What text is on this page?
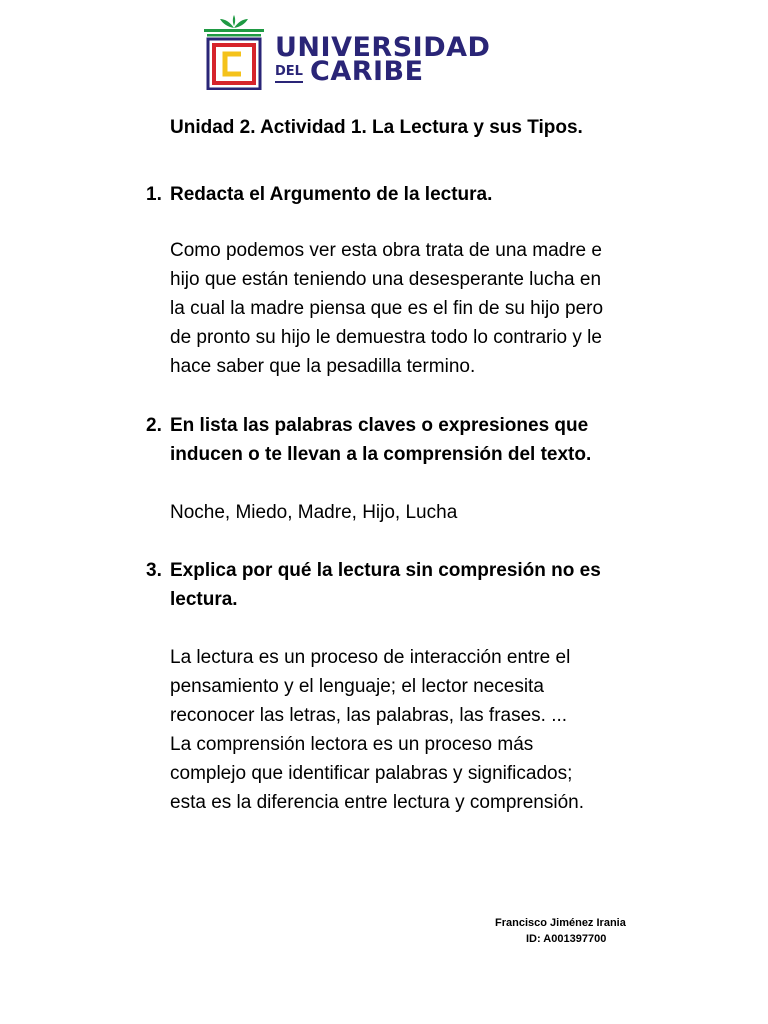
UNIVERSIDAD
DEL CARIBE
Unidad 2. Actividad 1. La Lectura y sus Tipos.
1. Redacta el Argumento de la lectura.

Como podemos ver esta obra trata de una madre e

hijo que están teniendo una desesperante lucha en

la cual la madre piensa que es el fin de su hijo pero

de pronto su hijo le demuestra todo lo contrario y le

hace saber que la pesadilla termino.

2. En lista las palabras claves o expresiones que inducen o te llevan a la comprensión del texto.

Noche, Miedo, Madre, Hijo, Lucha

3. Explica por qué la lectura sin compresión no es lectura.

La lectura es un proceso de interacción entre el

pensamiento y el lenguaje; el lector necesita

reconocer las letras, las palabras, las frases. ...

La comprensión lectora es un proceso más

complejo que identificar palabras y significados;

esta es la diferencia entre lectura y comprensión.

Francisco Jiménez Irania
ID: A001397700
